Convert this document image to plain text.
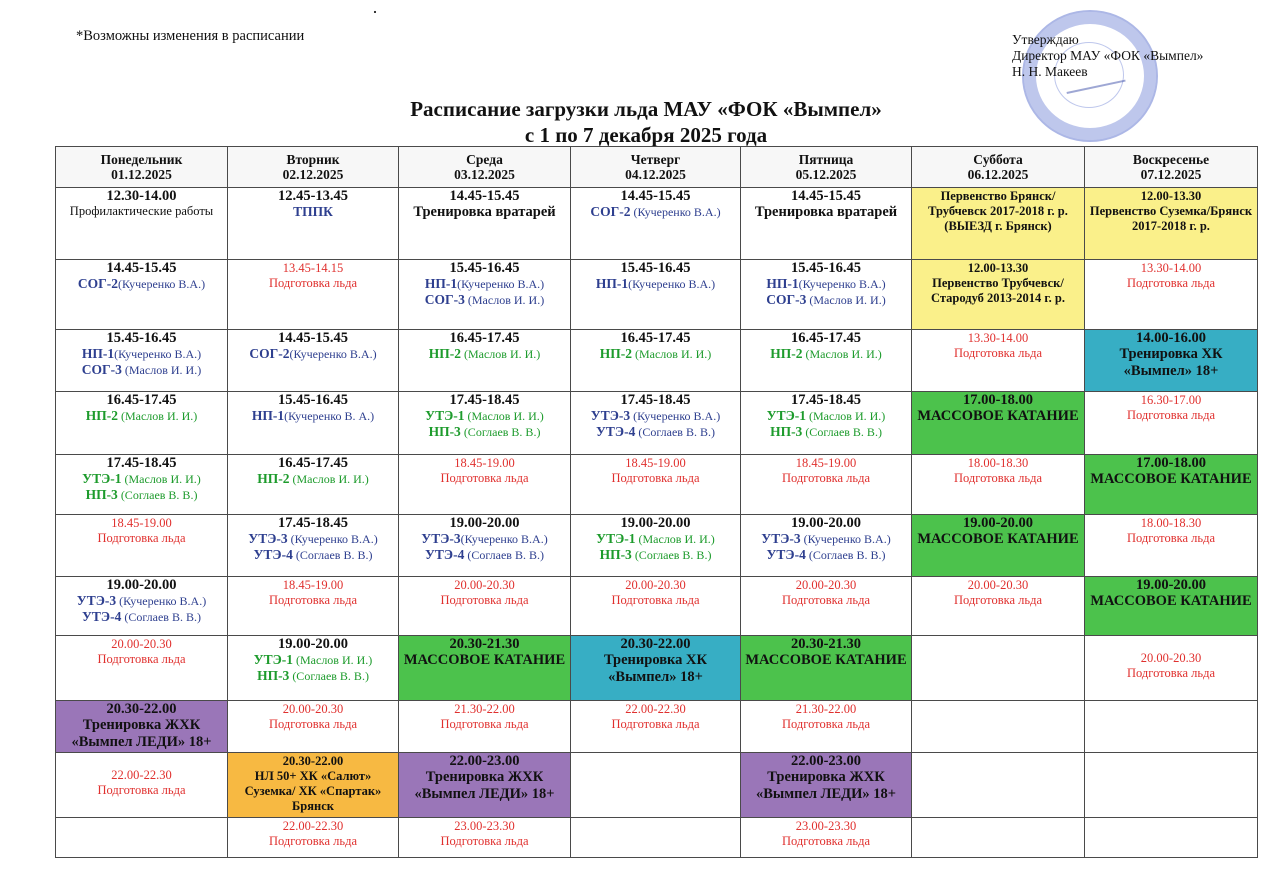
·
*Возможны изменения в расписании	Утверждаю
Директор МАУ «ФОК «Вымпел»
Н. Н. Макеев
Расписание загрузки льда МАУ «ФОК «Вымпел»
с 1 по 7 декабря 2025 года
Понедельник
01.12.2025	Вторник
02.12.2025	Среда
03.12.2025	Четверг
04.12.2025	Пятница
05.12.2025	Суббота
06.12.2025	Воскресенье
07.12.2025

12.30-14.00
Профилактические работы	12.45-13.45
ТППК	14.45-15.45
Тренировка вратарей	14.45-15.45
СОГ-2 (Кучеренко В.А.)	14.45-15.45
Тренировка вратарей	Первенство Брянск/Трубчевск 2017-2018 г. р. (ВЫЕЗД г. Брянск)	12.00-13.30
Первенство Суземка/Брянск 2017-2018 г. р.

14.45-15.45
СОГ-2(Кучеренко В.А.)	13.45-14.15
Подготовка льда	15.45-16.45
НП-1(Кучеренко В.А.)
СОГ-3 (Маслов И. И.)	15.45-16.45
НП-1(Кучеренко В.А.)	15.45-16.45
НП-1(Кучеренко В.А.)
СОГ-3 (Маслов И. И.)	12.00-13.30
Первенство Трубчевск/Стародуб 2013-2014 г. р.	13.30-14.00
Подготовка льда

15.45-16.45
НП-1(Кучеренко В.А.)
СОГ-3 (Маслов И. И.)	14.45-15.45
СОГ-2(Кучеренко В.А.)	16.45-17.45
НП-2 (Маслов И. И.)	16.45-17.45
НП-2 (Маслов И. И.)	16.45-17.45
НП-2 (Маслов И. И.)	13.30-14.00
Подготовка льда	14.00-16.00
Тренировка ХК «Вымпел» 18+

16.45-17.45
НП-2 (Маслов И. И.)	15.45-16.45
НП-1(Кучеренко В. А.)	17.45-18.45
УТЭ-1 (Маслов И. И.)
НП-3 (Соглаев В. В.)	17.45-18.45
УТЭ-3 (Кучеренко В.А.)
УТЭ-4 (Соглаев В. В.)	17.45-18.45
УТЭ-1 (Маслов И. И.)
НП-3 (Соглаев В. В.)	17.00-18.00
МАССОВОЕ КАТАНИЕ	16.30-17.00
Подготовка льда

17.45-18.45
УТЭ-1 (Маслов И. И.)
НП-3 (Соглаев В. В.)	16.45-17.45
НП-2 (Маслов И. И.)	18.45-19.00
Подготовка льда	18.45-19.00
Подготовка льда	18.45-19.00
Подготовка льда	18.00-18.30
Подготовка льда	17.00-18.00
МАССОВОЕ КАТАНИЕ

18.45-19.00
Подготовка льда	17.45-18.45
УТЭ-3 (Кучеренко В.А.)
УТЭ-4 (Соглаев В. В.)	19.00-20.00
УТЭ-3(Кучеренко В.А.)
УТЭ-4 (Соглаев В. В.)	19.00-20.00
УТЭ-1 (Маслов И. И.)
НП-3 (Соглаев В. В.)	19.00-20.00
УТЭ-3 (Кучеренко В.А.)
УТЭ-4 (Соглаев В. В.)	19.00-20.00
МАССОВОЕ КАТАНИЕ	18.00-18.30
Подготовка льда

19.00-20.00
УТЭ-3 (Кучеренко В.А.)
УТЭ-4 (Соглаев В. В.)	18.45-19.00
Подготовка льда	20.00-20.30
Подготовка льда	20.00-20.30
Подготовка льда	20.00-20.30
Подготовка льда	20.00-20.30
Подготовка льда	19.00-20.00
МАССОВОЕ КАТАНИЕ

20.00-20.30
Подготовка льда	19.00-20.00
УТЭ-1 (Маслов И. И.)
НП-3 (Соглаев В. В.)	20.30-21.30
МАССОВОЕ КАТАНИЕ	20.30-22.00
Тренировка ХК «Вымпел» 18+	20.30-21.30
МАССОВОЕ КАТАНИЕ		20.00-20.30
Подготовка льда

20.30-22.00
Тренировка ЖХК «Вымпел ЛЕДИ» 18+	20.00-20.30
Подготовка льда	21.30-22.00
Подготовка льда	22.00-22.30
Подготовка льда	21.30-22.00
Подготовка льда		

22.00-22.30
Подготовка льда	20.30-22.00
НЛ 50+ ХК «Салют» Суземка/ ХК «Спартак» Брянск	22.00-23.00
Тренировка ЖХК «Вымпел ЛЕДИ» 18+		22.00-23.00
Тренировка ЖХК «Вымпел ЛЕДИ» 18+		

	22.00-22.30
Подготовка льда	23.00-23.30
Подготовка льда		23.00-23.30
Подготовка льда		
